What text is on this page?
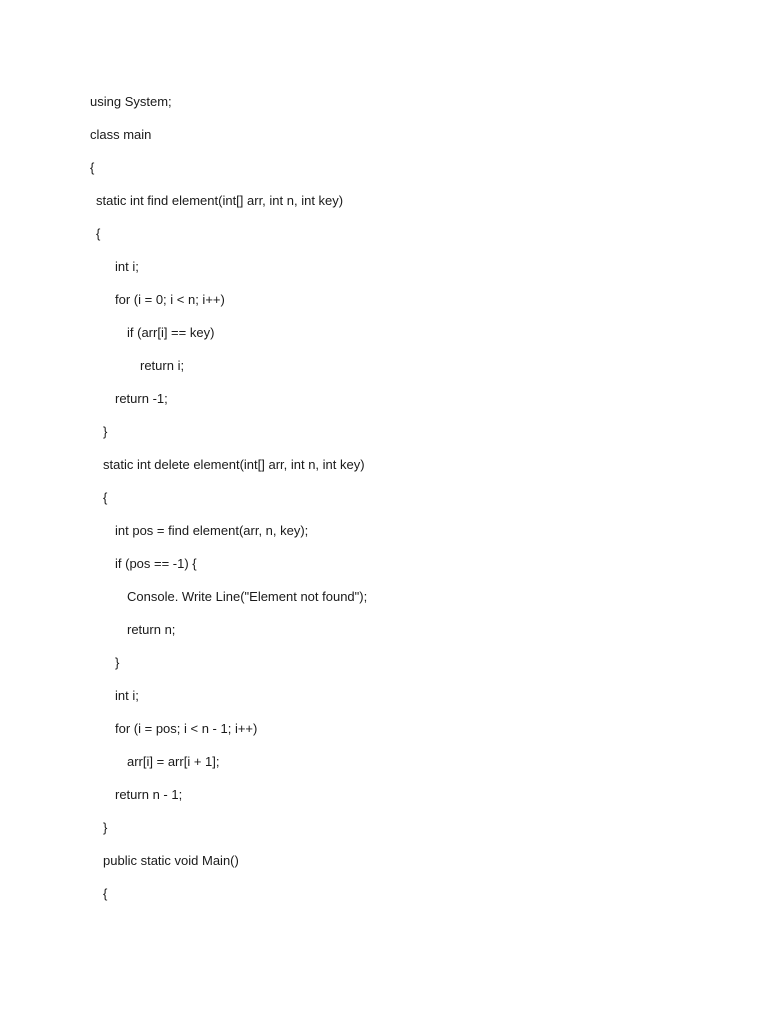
using System;
class main
{
static int find element(int[] arr, int n, int key)
{
int i;
for (i = 0; i < n; i++)
if (arr[i] == key)
return i;
return -1;
}
static int delete element(int[] arr, int n, int key)
{
int pos = find element(arr, n, key);
if (pos == -1) {
Console. Write Line("Element not found");
return n;
}
int i;
for (i = pos; i < n - 1; i++)
arr[i] = arr[i + 1];
return n - 1;
}
public static void Main()
{
